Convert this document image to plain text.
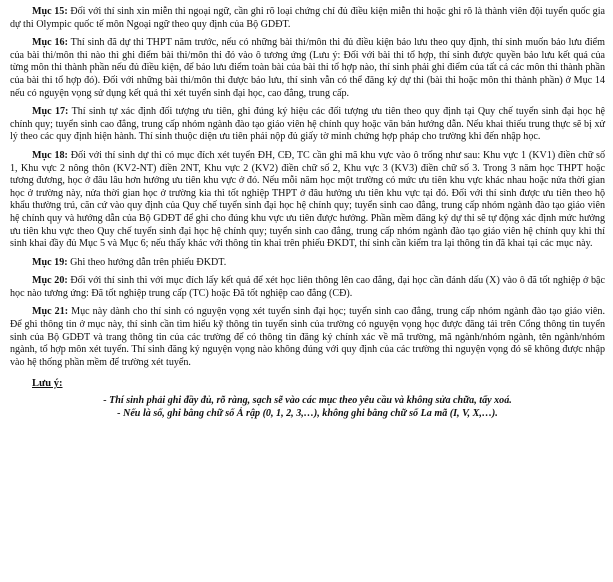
Mục 15: Đối với thí sinh xin miễn thi ngoại ngữ, cần ghi rõ loại chứng chỉ đủ điều kiện miễn thi hoặc ghi rõ là thành viên đội tuyển quốc gia dự thi Olympic quốc tế môn Ngoại ngữ theo quy định của Bộ GDĐT.

Mục 16: Thí sinh đã dự thi THPT năm trước, nếu có những bài thi/môn thi đủ điều kiện bảo lưu theo quy định, thí sinh muốn bảo lưu điểm của bài thi/môn thi nào thì ghi điểm bài thi/môn thi đó vào ô tương ứng (Lưu ý: Đối với bài thi tổ hợp, thí sinh được quyền bảo lưu kết quả của từng môn thi thành phần nếu đủ điều kiện, để bảo lưu điểm toàn bài của bài thi tổ hợp nào, thí sinh phải ghi điểm của tất cả các môn thi thành phần của bài thi tổ hợp đó). Đối với những bài thi/môn thi được bảo lưu, thí sinh vẫn có thể đăng ký dự thi (bài thi hoặc môn thi thành phần) ở Mục 14 nếu có nguyện vọng sử dụng kết quả thi xét tuyển sinh đại học, cao đẳng, trung cấp.

Mục 17: Thí sinh tự xác định đối tượng ưu tiên, ghi đúng ký hiệu các đối tượng ưu tiên theo quy định tại Quy chế tuyển sinh đại học hệ chính quy; tuyển sinh cao đẳng, trung cấp nhóm ngành đào tạo giáo viên hệ chính quy hoặc văn bản hướng dẫn. Nếu khai thiếu trung thực sẽ bị xử lý theo các quy định hiện hành. Thí sinh thuộc diện ưu tiên phải nộp đủ giấy tờ minh chứng hợp pháp cho trường khi đến nhập học.

Mục 18: Đối với thí sinh dự thi có mục đích xét tuyển ĐH, CĐ, TC cần ghi mã khu vực vào ô trống như sau: Khu vực 1 (KV1) điền chữ số 1, Khu vực 2 nông thôn (KV2-NT) điền 2NT, Khu vực 2 (KV2) điền chữ số 2, Khu vực 3 (KV3) điền chữ số 3. Trong 3 năm học THPT hoặc tương đương, học ở đâu lâu hơn hưởng ưu tiên khu vực ở đó. Nếu mỗi năm học một trường có mức ưu tiên khu vực khác nhau hoặc nửa thời gian học ở trường này, nửa thời gian học ở trường kia thì tốt nghiệp THPT ở đâu hưởng ưu tiên khu vực tại đó. Đối với thí sinh được ưu tiên theo hộ khẩu thường trú, căn cứ vào quy định của Quy chế tuyển sinh đại học hệ chính quy; tuyển sinh cao đẳng, trung cấp nhóm ngành đào tạo giáo viên hệ chính quy và hướng dẫn của Bộ GDĐT để ghi cho đúng khu vực ưu tiên được hưởng. Phần mềm đăng ký dự thi sẽ tự động xác định mức hưởng ưu tiên khu vực theo Quy chế tuyển sinh đại học hệ chính quy; tuyển sinh cao đẳng, trung cấp nhóm ngành đào tạo giáo viên hệ chính quy khi thí sinh khai đầy đủ Mục 5 và Mục 6; nếu thấy khác với thông tin khai trên phiếu ĐKDT, thí sinh cần kiểm tra lại thông tin đã khai tại các mục này.

Mục 19: Ghi theo hướng dẫn trên phiếu ĐKDT.

Mục 20: Đối với thí sinh thi với mục đích lấy kết quả để xét học liên thông lên cao đẳng, đại học cần đánh dấu (X) vào ô đã tốt nghiệp ở bậc học nào tương ứng: Đã tốt nghiệp trung cấp (TC) hoặc Đã tốt nghiệp cao đẳng (CĐ).

Mục 21: Mục này dành cho thí sinh có nguyện vọng xét tuyển sinh đại học; tuyển sinh cao đẳng, trung cấp nhóm ngành đào tạo giáo viên. Để ghi thông tin ở mục này, thí sinh cần tìm hiểu kỹ thông tin tuyển sinh của trường có nguyện vọng học được đăng tải trên Cổng thông tin tuyển sinh của Bộ GDĐT và trang thông tin của các trường để có thông tin đăng ký chính xác về mã trường, mã ngành/nhóm ngành, tên ngành/nhóm ngành, tổ hợp môn xét tuyển. Thí sinh đăng ký nguyện vọng nào không đúng với quy định của các trường thì nguyện vọng đó sẽ không được nhập vào hệ thống phần mềm để trường xét tuyển.

Lưu ý:

- Thí sinh phải ghi đầy đủ, rõ ràng, sạch sẽ vào các mục theo yêu cầu và không sửa chữa, tẩy xoá.

- Nếu là số, ghi bằng chữ số Ả rập (0, 1, 2, 3,…), không ghi bằng chữ số La mã (I, V, X,…).
